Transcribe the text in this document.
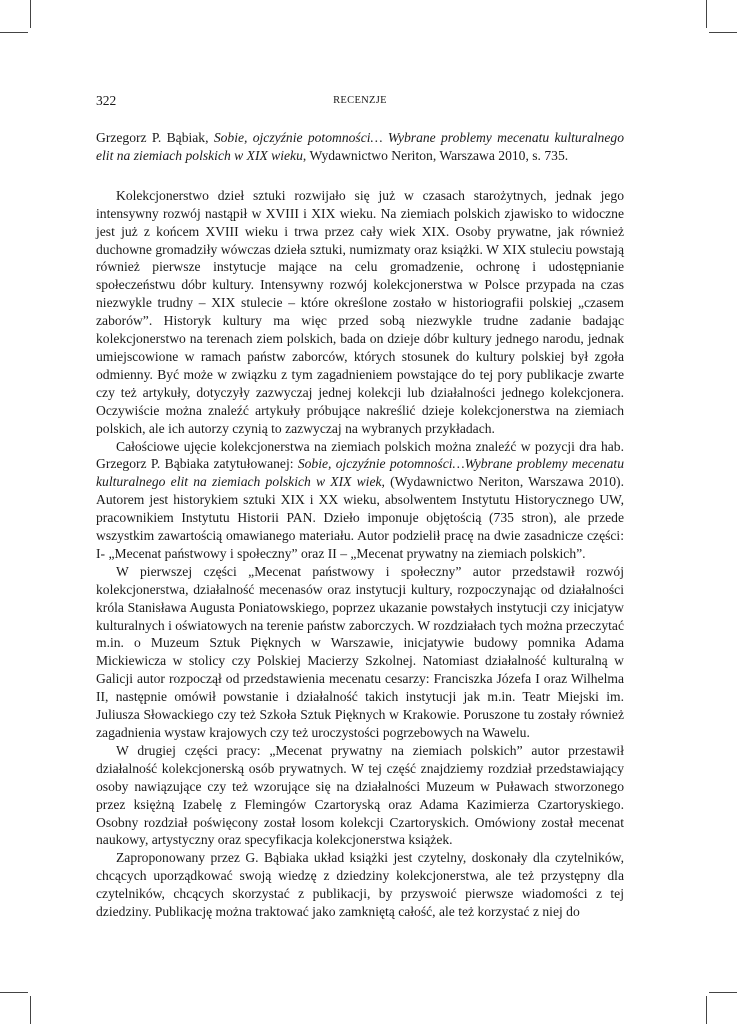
322	RECENZJE

Grzegorz P. Bąbiak, Sobie, ojczyźnie potomności… Wybrane problemy mecenatu kulturalnego elit na ziemiach polskich w XIX wieku, Wydawnictwo Neriton, Warszawa 2010, s. 735.

Kolekcjonerstwo dzieł sztuki rozwijało się już w czasach starożytnych, jednak jego intensywny rozwój nastąpił w XVIII i XIX wieku. Na ziemiach polskich zjawisko to widoczne jest już z końcem XVIII wieku i trwa przez cały wiek XIX. Osoby prywatne, jak również duchowne gromadziły wówczas dzieła sztuki, numizmaty oraz książki. W XIX stuleciu powstają również pierwsze instytucje mające na celu gromadzenie, ochronę i udostępnianie społeczeństwu dóbr kultury. Intensywny rozwój kolekcjonerstwa w Polsce przypada na czas niezwykle trudny – XIX stulecie – które określone zostało w historiografii polskiej „czasem zaborów”. Historyk kultury ma więc przed sobą niezwykle trudne zadanie badając kolekcjonerstwo na terenach ziem polskich, bada on dzieje dóbr kultury jednego narodu, jednak umiejscowione w ramach państw zaborców, których stosunek do kultury polskiej był zgoła odmienny. Być może w związku z tym zagadnieniem powstające do tej pory publikacje zwarte czy też artykuły, dotyczyły zazwyczaj jednej kolekcji lub działalności jednego kolekcjonera. Oczywiście można znaleźć artykuły próbujące nakreślić dzieje kolekcjonerstwa na ziemiach polskich, ale ich autorzy czynią to zazwyczaj na wybranych przykładach.

Całościowe ujęcie kolekcjonerstwa na ziemiach polskich można znaleźć w pozycji dra hab. Grzegorz P. Bąbiaka zatytułowanej: Sobie, ojczyźnie potomności…Wybrane problemy mecenatu kulturalnego elit na ziemiach polskich w XIX wiek, (Wydawnictwo Neriton, Warszawa 2010). Autorem jest historykiem sztuki XIX i XX wieku, absolwentem Instytutu Historycznego UW, pracownikiem Instytutu Historii PAN. Dzieło imponuje objętością (735 stron), ale przede wszystkim zawartością omawianego materiału. Autor podzielił pracę na dwie zasadnicze części: I- „Mecenat państwowy i społeczny” oraz II – „Mecenat prywatny na ziemiach polskich”.

W pierwszej części „Mecenat państwowy i społeczny” autor przedstawił rozwój kolekcjonerstwa, działalność mecenasów oraz instytucji kultury, rozpoczynając od działalności króla Stanisława Augusta Poniatowskiego, poprzez ukazanie powstałych instytucji czy inicjatyw kulturalnych i oświatowych na terenie państw zaborczych. W rozdziałach tych można przeczytać m.in. o Muzeum Sztuk Pięknych w Warszawie, inicjatywie budowy pomnika Adama Mickiewicza w stolicy czy Polskiej Macierzy Szkolnej. Natomiast działalność kulturalną w Galicji autor rozpoczął od przedstawienia mecenatu cesarzy: Franciszka Józefa I oraz Wilhelma II, następnie omówił powstanie i działalność takich instytucji jak m.in. Teatr Miejski im. Juliusza Słowackiego czy też Szkoła Sztuk Pięknych w Krakowie. Poruszone tu zostały również zagadnienia wystaw krajowych czy też uroczystości pogrzebowych na Wawelu.

W drugiej części pracy: „Mecenat prywatny na ziemiach polskich” autor przestawił działalność kolekcjonerską osób prywatnych. W tej część znajdziemy rozdział przedstawiający osoby nawiązujące czy też wzorujące się na działalności Muzeum w Puławach stworzonego przez księżną Izabelę z Flemingów Czartoryską oraz Adama Kazimierza Czartoryskiego. Osobny rozdział poświęcony został losom kolekcji Czartoryskich. Omówiony został mecenat naukowy, artystyczny oraz specyfikacja kolekcjonerstwa książek.

Zaproponowany przez G. Bąbiaka układ książki jest czytelny, doskonały dla czytelników, chcących uporządkować swoją wiedzę z dziedziny kolekcjonerstwa, ale też przystępny dla czytelników, chcących skorzystać z publikacji, by przyswoić pierwsze wiadomości z tej dziedziny. Publikację można traktować jako zamkniętą całość, ale też korzystać z niej do
